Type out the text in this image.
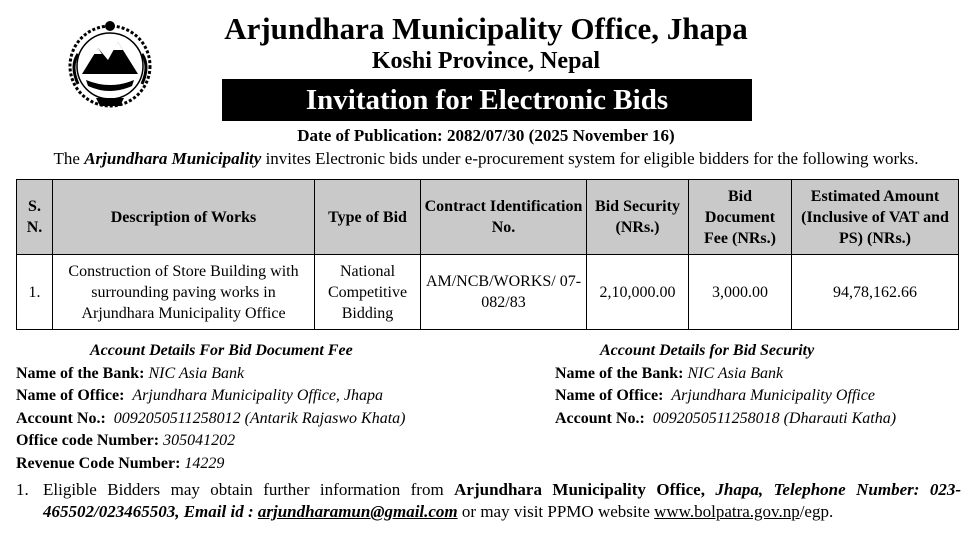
Arjundhara Municipality Office, Jhapa
Koshi Province, Nepal
Invitation for Electronic Bids
Date of Publication: 2082/07/30 (2025 November 16)
The Arjundhara Municipality invites Electronic bids under e-procurement system for eligible bidders for the following works.
S. N.	Description of Works	Type of Bid	Contract Identification No.	Bid Security (NRs.)	Bid Document Fee (NRs.)	Estimated Amount (Inclusive of VAT and PS) (NRs.)
1.	Construction of Store Building with surrounding paving works in Arjundhara Municipality Office	National Competitive Bidding	AM/NCB/WORKS/ 07-082/83	2,10,000.00	3,000.00	94,78,162.66
Account Details For Bid Document Fee
Name of the Bank: NIC Asia Bank
Name of Office: Arjundhara Municipality Office, Jhapa
Account No.: 0092050511258012 (Antarik Rajaswo Khata)
Office code Number: 305041202
Revenue Code Number: 14229
Account Details for Bid Security
Name of the Bank: NIC Asia Bank
Name of Office: Arjundhara Municipality Office
Account No.: 0092050511258018 (Dharauti Katha)
1. Eligible Bidders may obtain further information from Arjundhara Municipality Office, Jhapa, Telephone Number: 023-465502/023465503, Email id : arjundharamun@gmail.com or may visit PPMO website www.bolpatra.gov.np/egp.
